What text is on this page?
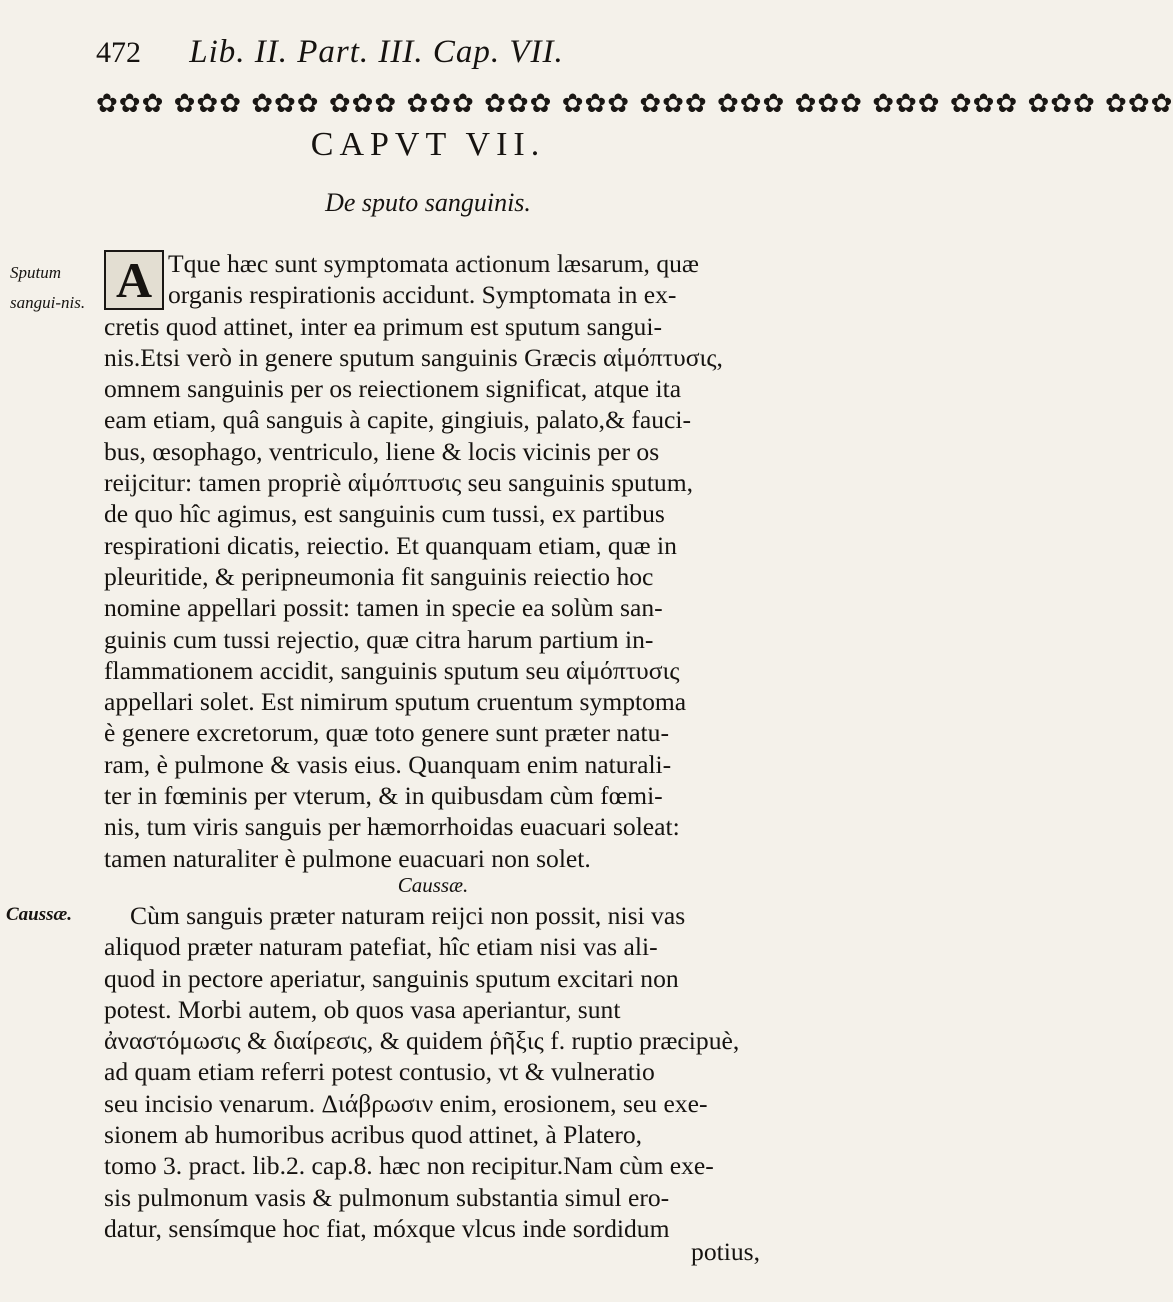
472 Lib. II. Part. III. Cap. VII.
✿✿✿ ✿✿✿ ✿✿✿ ✿✿✿ ✿✿✿ ✿✿✿ ✿✿✿ ✿✿✿ ✿✿✿ ✿✿✿ ✿✿✿ ✿✿✿ ✿✿✿ ✿✿✿
CAPVT VII.
De sputo sanguinis.
Sputum sangui-nis.
Caussæ.
A Tque hæc sunt symptomata actionum læsarum, quæ
organis respirationis accidunt. Symptomata in ex-
cretis quod attinet, inter ea primum est sputum sangui-
nis.Etsi verò in genere sputum sanguinis Græcis αἱμόπτυσις,
omnem sanguinis per os reiectionem significat, atque ita
eam etiam, quâ sanguis à capite, gingiuis, palato,& fauci-
bus, œsophago, ventriculo, liene & locis vicinis per os
reijcitur: tamen propriè αἱμόπτυσις seu sanguinis sputum,
de quo hîc agimus, est sanguinis cum tussi, ex partibus
respirationi dicatis, reiectio. Et quanquam etiam, quæ in
pleuritide, & peripneumonia fit sanguinis reiectio hoc
nomine appellari possit: tamen in specie ea solùm san-
guinis cum tussi rejectio, quæ citra harum partium in-
flammationem accidit, sanguinis sputum seu αἱμόπτυσις
appellari solet. Est nimirum sputum cruentum symptoma
è genere excretorum, quæ toto genere sunt præter natu-
ram, è pulmone & vasis eius. Quanquam enim naturali-
ter in fœminis per vterum, & in quibusdam cùm fœmi-
nis, tum viris sanguis per hæmorrhoidas euacuari soleat:
tamen naturaliter è pulmone euacuari non solet.
Caussæ.
Cùm sanguis præter naturam reijci non possit, nisi vas
aliquod præter naturam patefiat, hîc etiam nisi vas ali-
quod in pectore aperiatur, sanguinis sputum excitari non
potest. Morbi autem, ob quos vasa aperiantur, sunt
ἀναστόμωσις & διαίρεσις, & quidem ῥῆξις f. ruptio præcipuè,
ad quam etiam referri potest contusio, vt & vulneratio
seu incisio venarum. Διάβρωσιν enim, erosionem, seu exe-
sionem ab humoribus acribus quod attinet, à Platero,
tomo 3. pract. lib.2. cap.8. hæc non recipitur.Nam cùm exe-
sis pulmonum vasis & pulmonum substantia simul ero-
datur, sensímque hoc fiat, móxque vlcus inde sordidum
potius,
